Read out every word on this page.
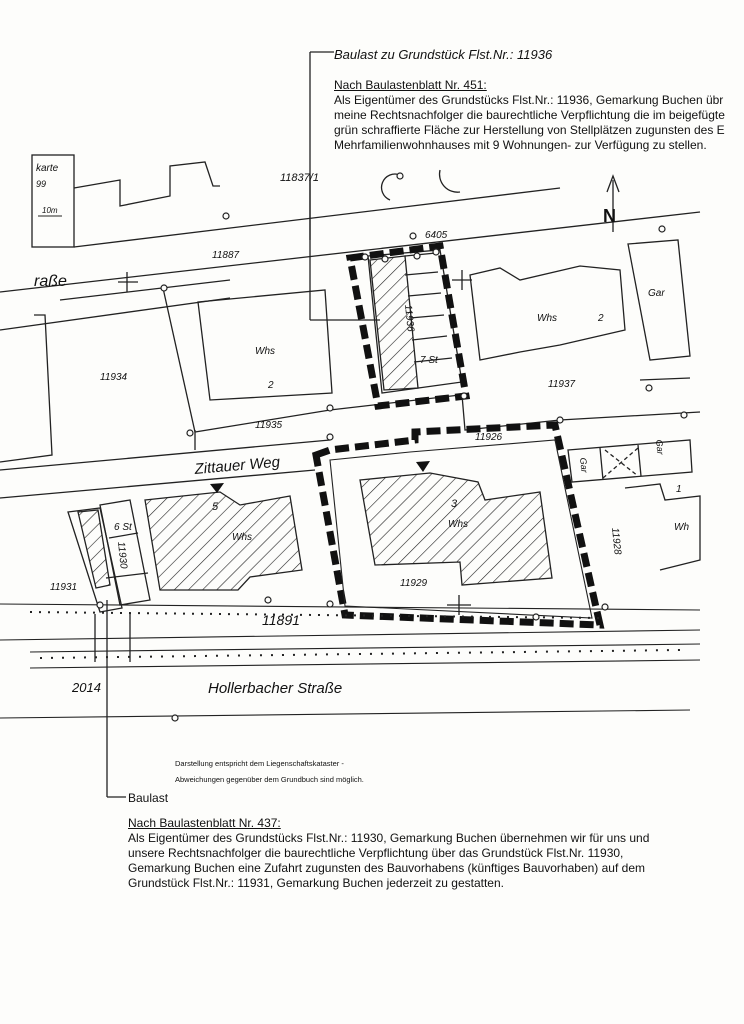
Baulast zu Grundstück Flst.Nr.: 11936
Nach Baulastenblatt Nr. 451:
Als Eigentümer des Grundstücks Flst.Nr.: 11936, Gemarkung Buchen übr
meine Rechtsnachfolger die baurechtliche Verpflichtung die im beigefügte
grün schraffierte Fläche zur Herstellung von Stellplätzen zugunsten des E
Mehrfamilienwohnhauses mit 9 Wohnungen- zur Verfügung zu stellen.
karte
99
10m	N
raße
Zittauer Weg
Hollerbacher Straße
11837/1
11887
6405
11934
11935
11936
11937
11926
11928
11929
11930
11931
11891
2014
Whs
2
Whs	2
7 St
Gar
Gar
Gar
1
Wh
5
Whs
3
Whs
6 St
Darstellung entspricht dem Liegenschaftskataster -
Abweichungen gegenüber dem Grundbuch sind möglich.
Baulast
Nach Baulastenblatt Nr. 437:
Als Eigentümer des Grundstücks Flst.Nr.: 11930, Gemarkung Buchen übernehmen wir für uns und
unsere Rechtsnachfolger die baurechtliche Verpflichtung über das Grundstück Flst.Nr. 11930,
Gemarkung Buchen eine Zufahrt zugunsten des Bauvorhabens (künftiges Bauvorhaben) auf dem
Grundstück Flst.Nr.: 11931, Gemarkung Buchen jederzeit zu gestatten.
